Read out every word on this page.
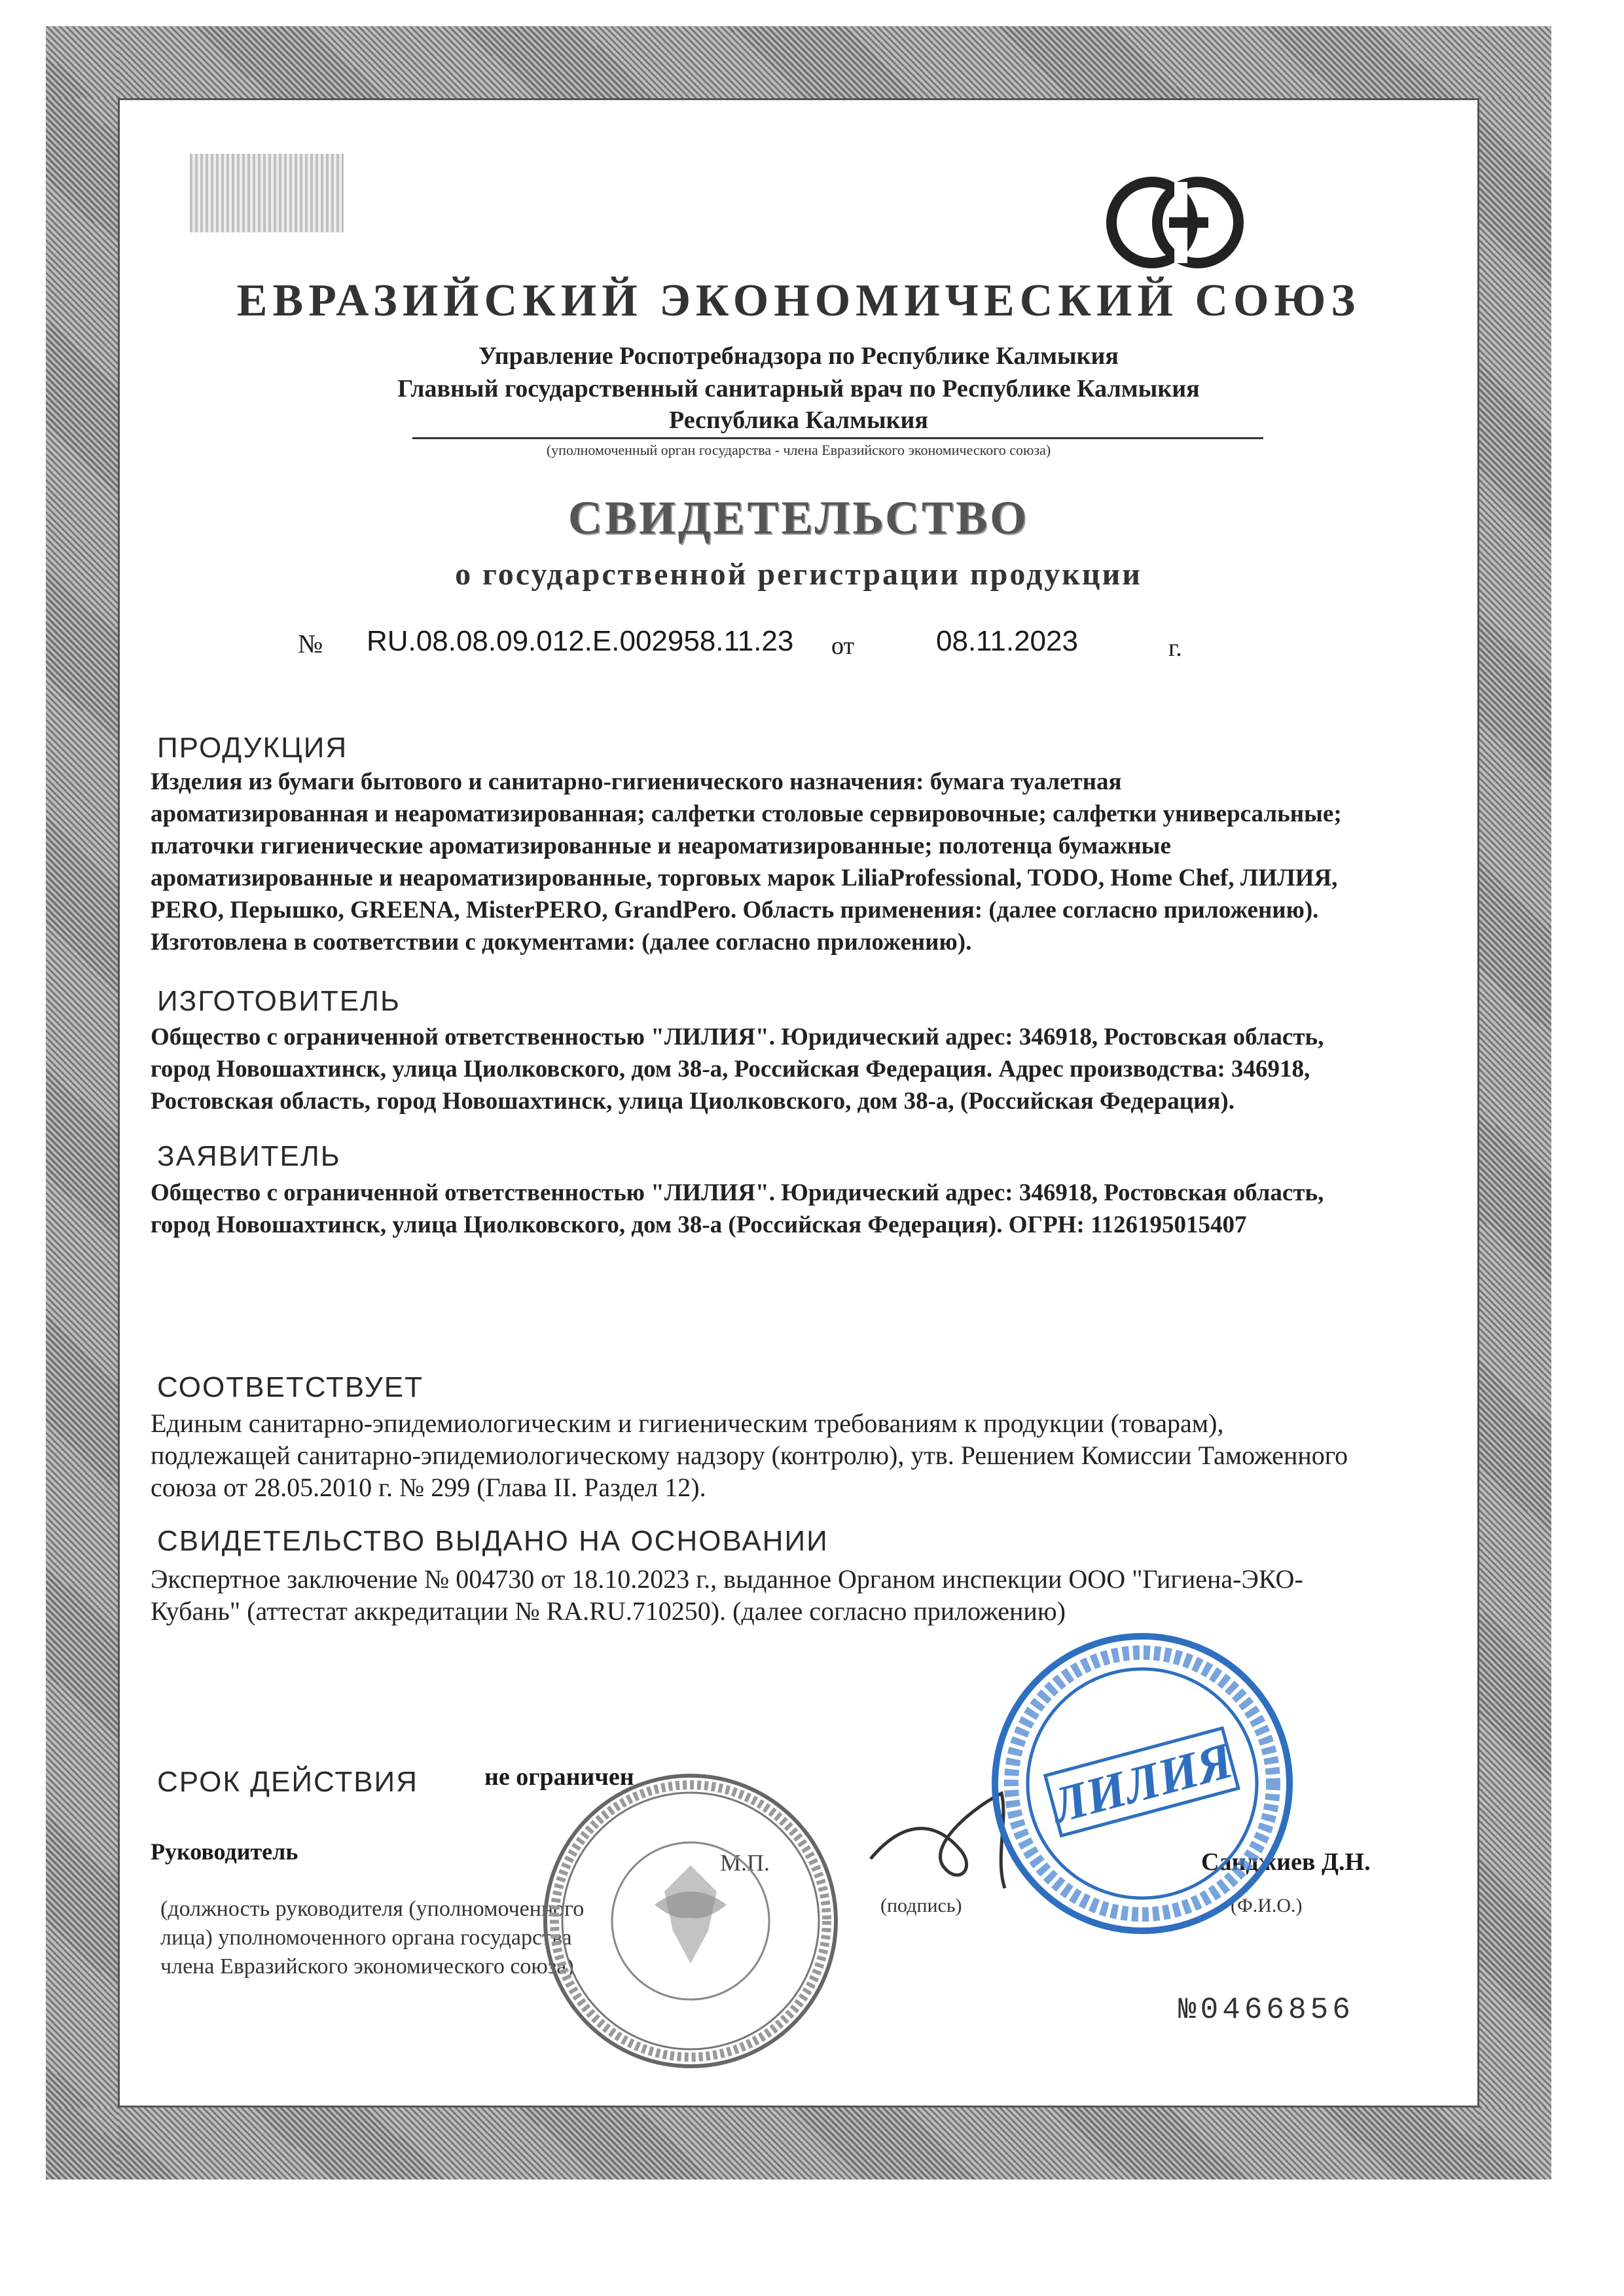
ЕВРАЗИЙСКИЙ ЭКОНОМИЧЕСКИЙ СОЮЗ
Управление Роспотребнадзора по Республике Калмыкия
Главный государственный санитарный врач по Республике Калмыкия
Республика Калмыкия
(уполномоченный орган государства - члена Евразийского экономического союза)
СВИДЕТЕЛЬСТВО
о государственной регистрации продукции
№ RU.08.08.09.012.E.002958.11.23 от	08.11.2023	г.
ПРОДУКЦИЯ
Изделия из бумаги бытового и санитарно-гигиенического назначения: бумага туалетная
ароматизированная и неароматизированная; салфетки столовые сервировочные; салфетки универсальные;
платочки гигиенические ароматизированные и неароматизированные; полотенца бумажные
ароматизированные и неароматизированные, торговых марок LiliaProfessional, TODO, Home Chef, ЛИЛИЯ,
PERO, Перышко, GREENA, MisterPERO, GrandPero. Область применения: (далее согласно приложению).
Изготовлена в соответствии с документами: (далее согласно приложению).
ИЗГОТОВИТЕЛЬ
Общество с ограниченной ответственностью "ЛИЛИЯ". Юридический адрес: 346918, Ростовская область,
город Новошахтинск, улица Циолковского, дом 38-а, Российская Федерация. Адрес производства: 346918,
Ростовская область, город Новошахтинск, улица Циолковского, дом 38-а, (Российская Федерация).
ЗАЯВИТЕЛЬ
Общество с ограниченной ответственностью "ЛИЛИЯ". Юридический адрес: 346918, Ростовская область,
город Новошахтинск, улица Циолковского, дом 38-а (Российская Федерация). ОГРН: 1126195015407
СООТВЕТСТВУЕТ
Единым санитарно-эпидемиологическим и гигиеническим требованиям к продукции (товарам),
подлежащей санитарно-эпидемиологическому надзору (контролю), утв. Решением Комиссии Таможенного
союза от 28.05.2010 г. № 299 (Глава II. Раздел 12).
СВИДЕТЕЛЬСТВО ВЫДАНО НА ОСНОВАНИИ
Экспертное заключение № 004730 от 18.10.2023 г., выданное Органом инспекции ООО "Гигиена-ЭКО-
Кубань" (аттестат аккредитации № RA.RU.710250). (далее согласно приложению)
СРОК ДЕЙСТВИЯ	не ограничен
Руководитель	М.П.
(подпись)
Санджиев Д.Н.
(Ф.И.О.)
(должность руководителя (уполномоченного
лица) уполномоченного органа государства
члена Евразийского экономического союза)
ЛИЛИЯ
№0466856
